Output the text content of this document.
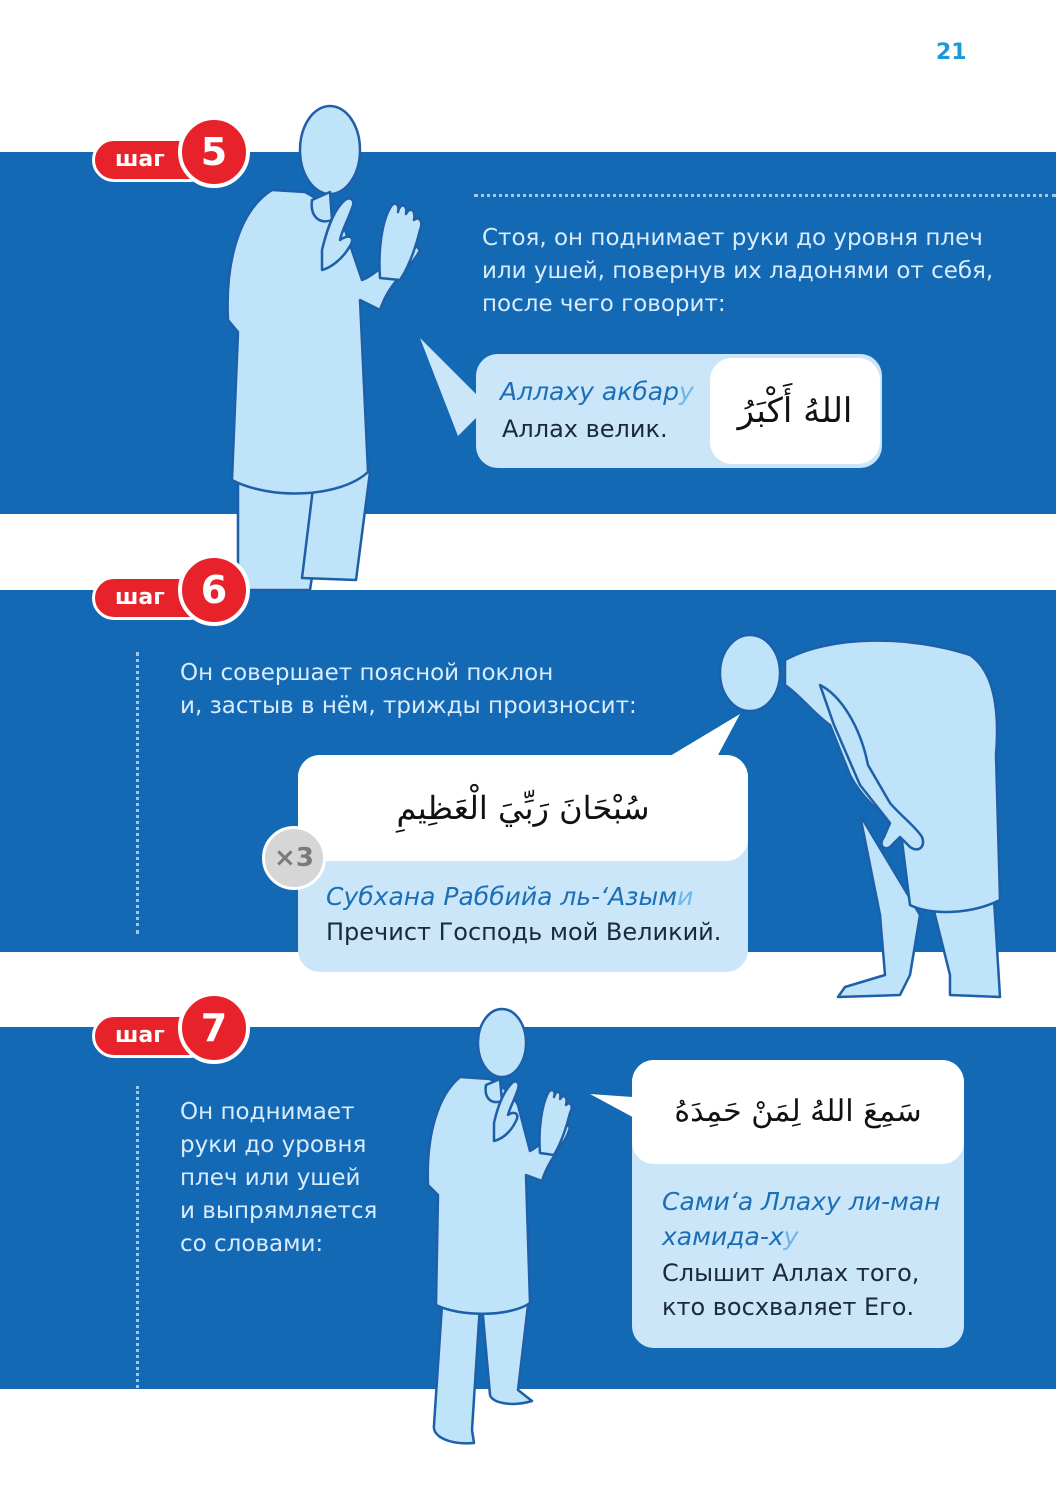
21
шаг 5
Стоя, он поднимает руки до уровня плеч
или ушей, повернув их ладонями от себя,
после чего говорит:
Аллаху акбару
Аллах велик.	اللهُ أَكْبَرُ
шаг 6
Он совершает поясной поклон
и, застыв в нём, трижды произносит:
سُبْحَانَ رَبِّيَ الْعَظِيمِ
Субхана Раббийа ль-‘Азыми
Пречист Господь мой Великий.
×3
шаг 7
Он поднимает
руки до уровня
плеч или ушей
и выпрямляется
со словами:
سَمِعَ اللهُ لِمَنْ حَمِدَهُ
Сами‘а Ллаху ли-ман
хамида-ху
Слышит Аллах того,
кто восхваляет Его.
